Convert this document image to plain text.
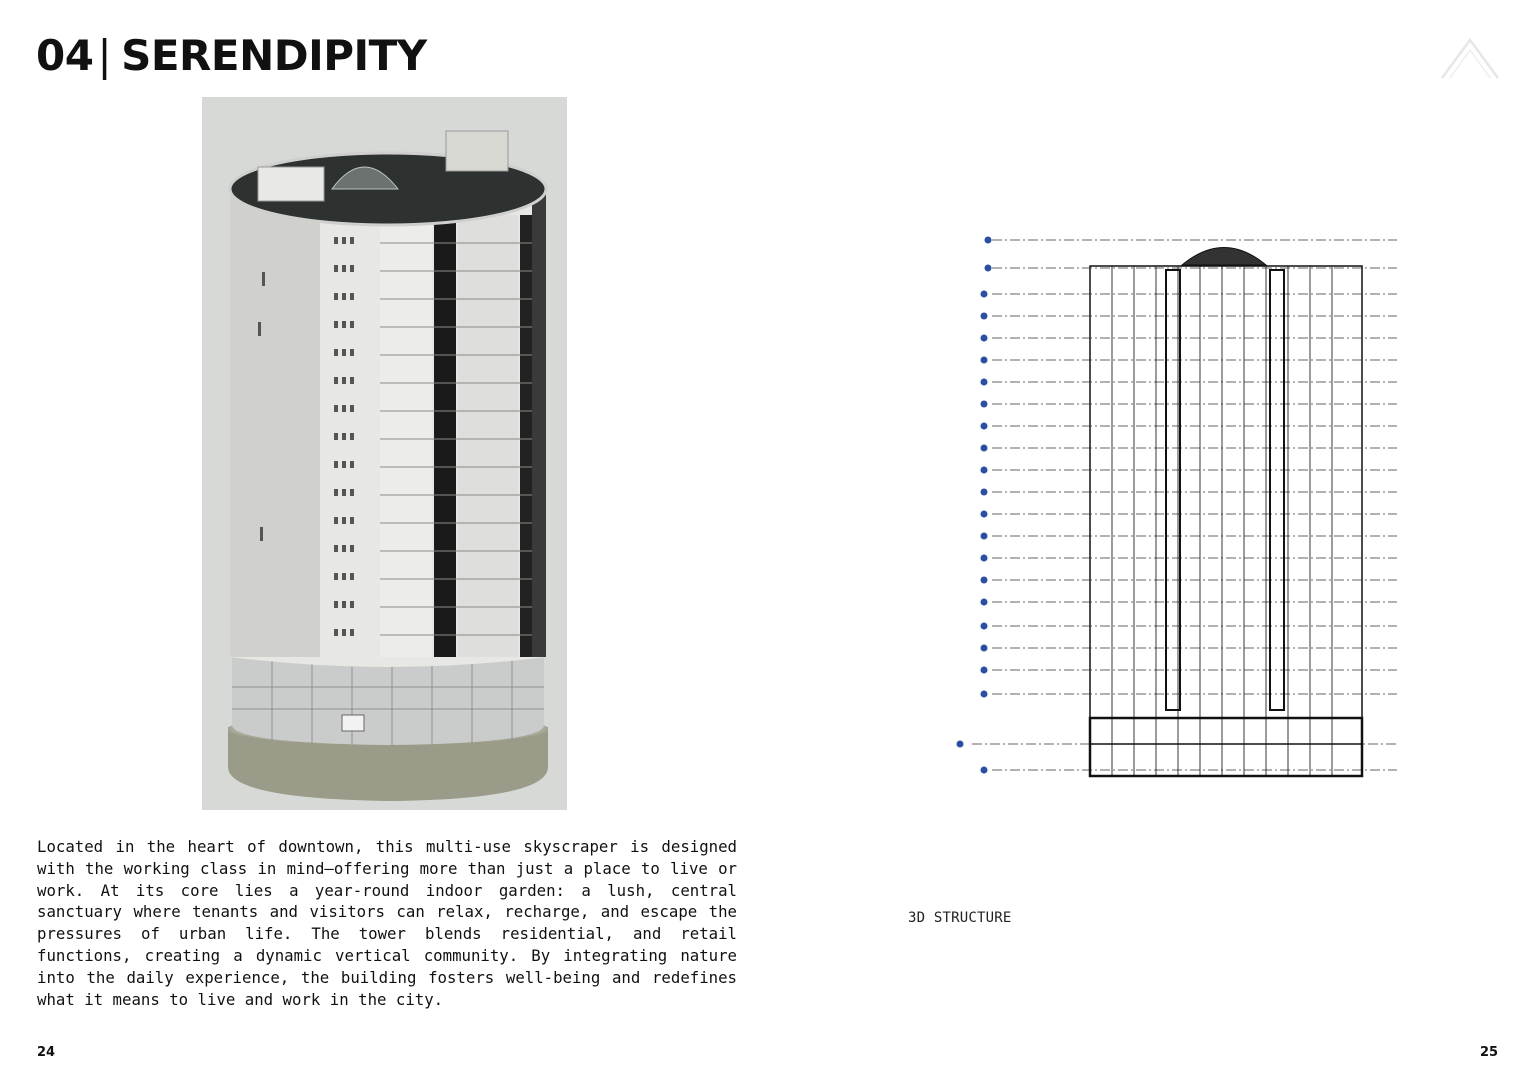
04| SERENDIPITY

Located in the heart of downtown, this multi-use skyscraper is designed with the working class in mind—offering more than just a place to live or work. At its core lies a year-round indoor garden: a lush, central sanctuary where tenants and visitors can relax, recharge, and escape the pressures of urban life. The tower blends residential, and retail functions, creating a dynamic vertical community. By integrating nature into the daily experience, the building fosters well-being and redefines what it means to live and work in the city.

3D STRUCTURE
24	25
